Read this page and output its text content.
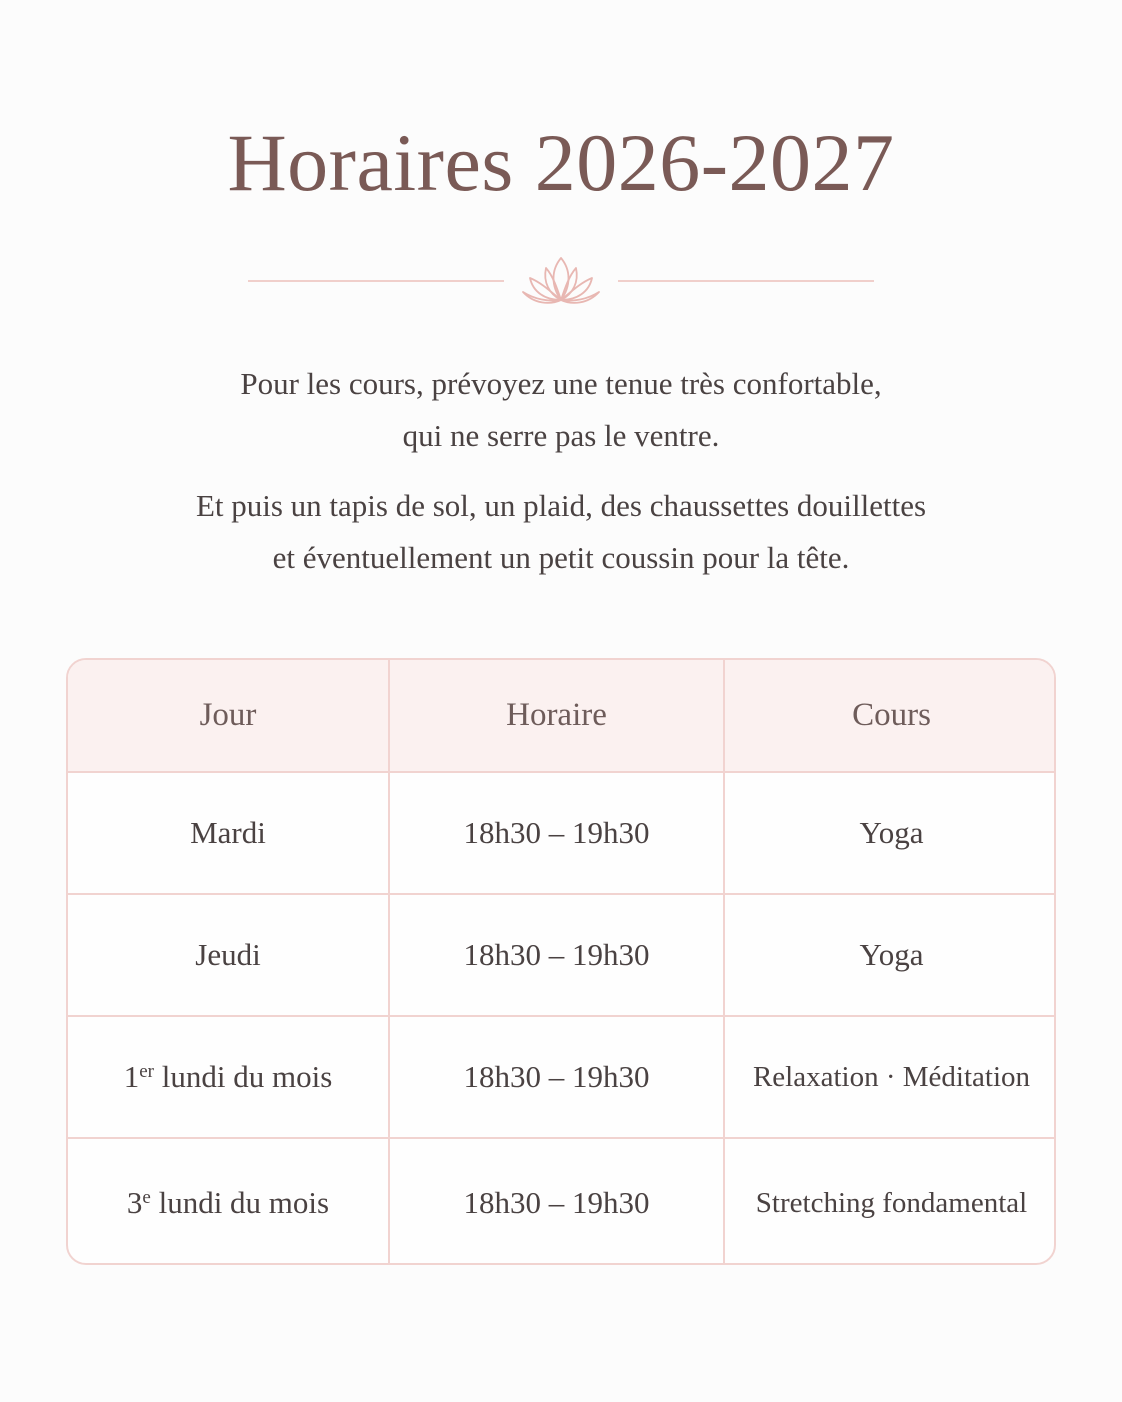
Horaires 2026-2027

Pour les cours, prévoyez une tenue très confortable,
qui ne serre pas le ventre.

Et puis un tapis de sol, un plaid, des chaussettes douillettes
et éventuellement un petit coussin pour la tête.

Jour	Horaire	Cours
Mardi	18h30 – 19h30	Yoga
Jeudi	18h30 – 19h30	Yoga
1er lundi du mois	18h30 – 19h30	Relaxation · Méditation
3e lundi du mois	18h30 – 19h30	Stretching fondamental
